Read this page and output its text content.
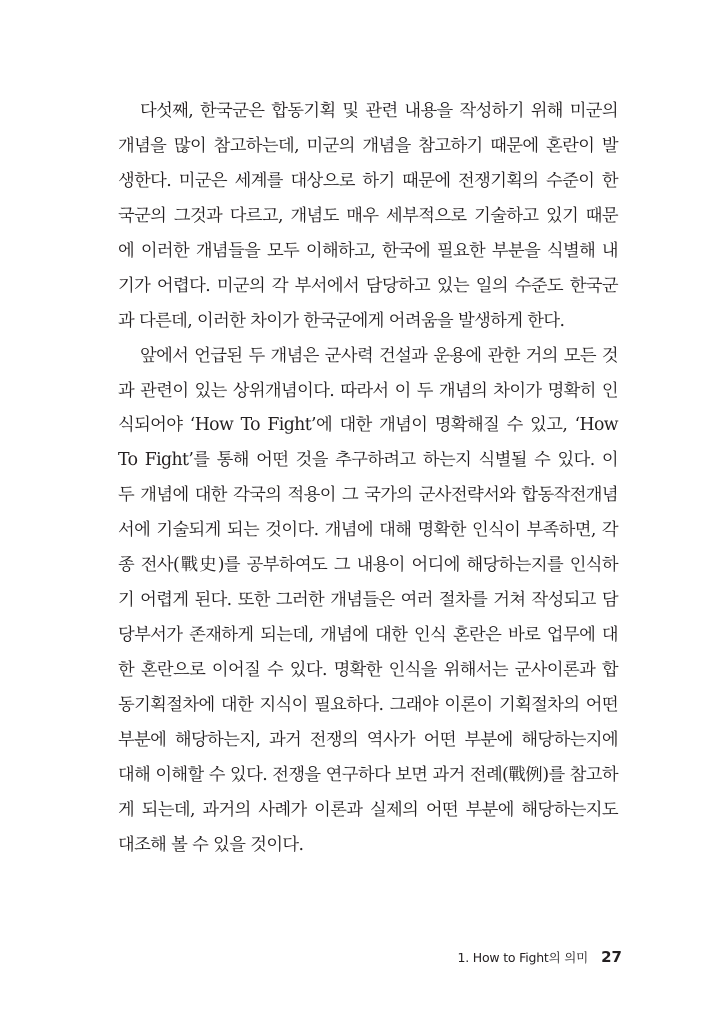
다섯째, 한국군은 합동기획 및 관련 내용을 작성하기 위해 미군의
개념을 많이 참고하는데, 미군의 개념을 참고하기 때문에 혼란이 발
생한다. 미군은 세계를 대상으로 하기 때문에 전쟁기획의 수준이 한
국군의 그것과 다르고, 개념도 매우 세부적으로 기술하고 있기 때문
에 이러한 개념들을 모두 이해하고, 한국에 필요한 부분을 식별해 내
기가 어렵다. 미군의 각 부서에서 담당하고 있는 일의 수준도 한국군
과 다른데, 이러한 차이가 한국군에게 어려움을 발생하게 한다.
앞에서 언급된 두 개념은 군사력 건설과 운용에 관한 거의 모든 것
과 관련이 있는 상위개념이다. 따라서 이 두 개념의 차이가 명확히 인
식되어야 ‘How To Fight’에 대한 개념이 명확해질 수 있고, ‘How
To Fight’를 통해 어떤 것을 추구하려고 하는지 식별될 수 있다. 이
두 개념에 대한 각국의 적용이 그 국가의 군사전략서와 합동작전개념
서에 기술되게 되는 것이다. 개념에 대해 명확한 인식이 부족하면, 각
종 전사(戰史)를 공부하여도 그 내용이 어디에 해당하는지를 인식하
기 어렵게 된다. 또한 그러한 개념들은 여러 절차를 거쳐 작성되고 담
당부서가 존재하게 되는데, 개념에 대한 인식 혼란은 바로 업무에 대
한 혼란으로 이어질 수 있다. 명확한 인식을 위해서는 군사이론과 합
동기획절차에 대한 지식이 필요하다. 그래야 이론이 기획절차의 어떤
부분에 해당하는지, 과거 전쟁의 역사가 어떤 부분에 해당하는지에
대해 이해할 수 있다. 전쟁을 연구하다 보면 과거 전례(戰例)를 참고하
게 되는데, 과거의 사례가 이론과 실제의 어떤 부분에 해당하는지도
대조해 볼 수 있을 것이다.
1. How to Fight의 의미 27
